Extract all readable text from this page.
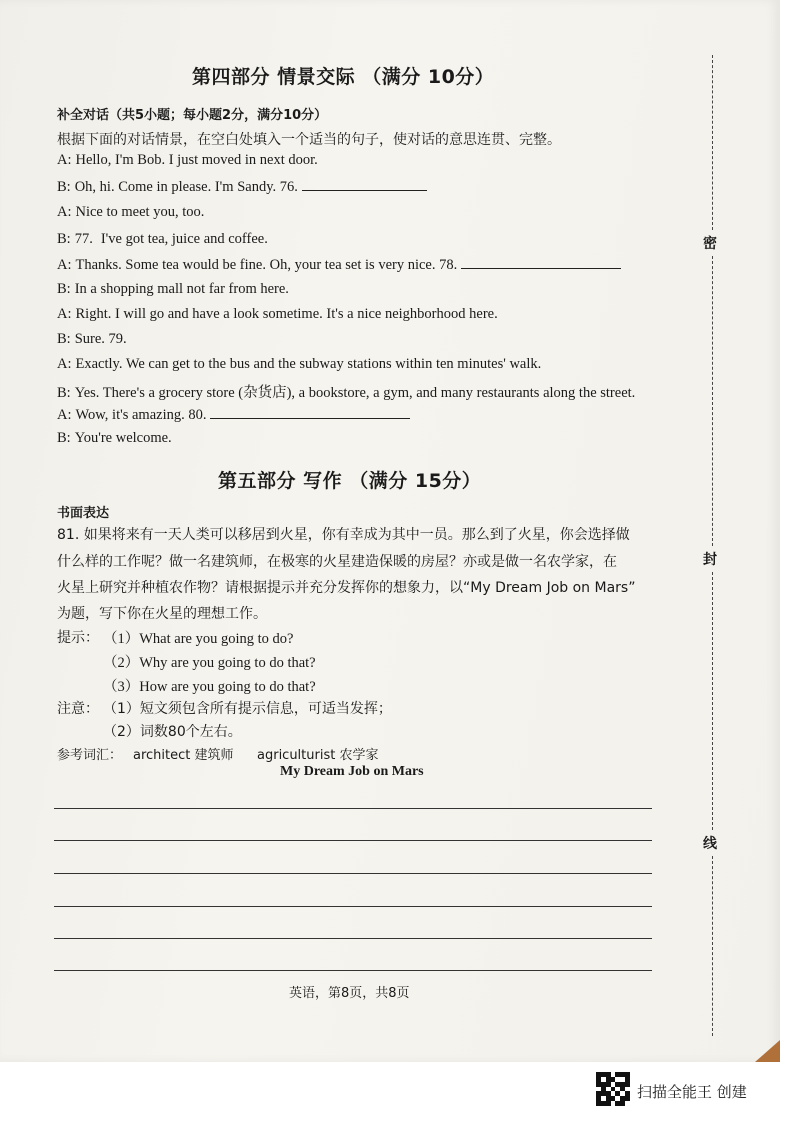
第四部分 情景交际 （满分 10分）
补全对话（共5小题；每小题2分，满分10分）
根据下面的对话情景，在空白处填入一个适当的句子，使对话的意思连贯、完整。
A: Hello, I'm Bob. I just moved in next door.
B: Oh, hi. Come in please. I'm Sandy. 76.
A: Nice to meet you, too.
B: 77. I've got tea, juice and coffee.
A: Thanks. Some tea would be fine. Oh, your tea set is very nice. 78.
B: In a shopping mall not far from here.
A: Right. I will go and have a look sometime. It's a nice neighborhood here.
B: Sure. 79.
A: Exactly. We can get to the bus and the subway stations within ten minutes' walk.
B: Yes. There's a grocery store (杂货店), a bookstore, a gym, and many restaurants along the street.
A: Wow, it's amazing. 80.
B: You're welcome.
第五部分 写作 （满分 15分）
书面表达
81. 如果将来有一天人类可以移居到火星，你有幸成为其中一员。那么到了火星，你会选择做
什么样的工作呢？做一名建筑师，在极寒的火星建造保暖的房屋？亦或是做一名农学家，在
火星上研究并种植农作物？请根据提示并充分发挥你的想象力，以“My Dream Job on Mars”
为题，写下你在火星的理想工作。
提示： （1）What are you going to do?
（2）Why are you going to do that?
（3）How are you going to do that?
注意： （1）短文须包含所有提示信息，可适当发挥；
（2）词数80个左右。
参考词汇： architect 建筑师 agriculturist 农学家
My Dream Job on Mars
英语，第8页，共8页
密
封
线
扫描全能王 创建
